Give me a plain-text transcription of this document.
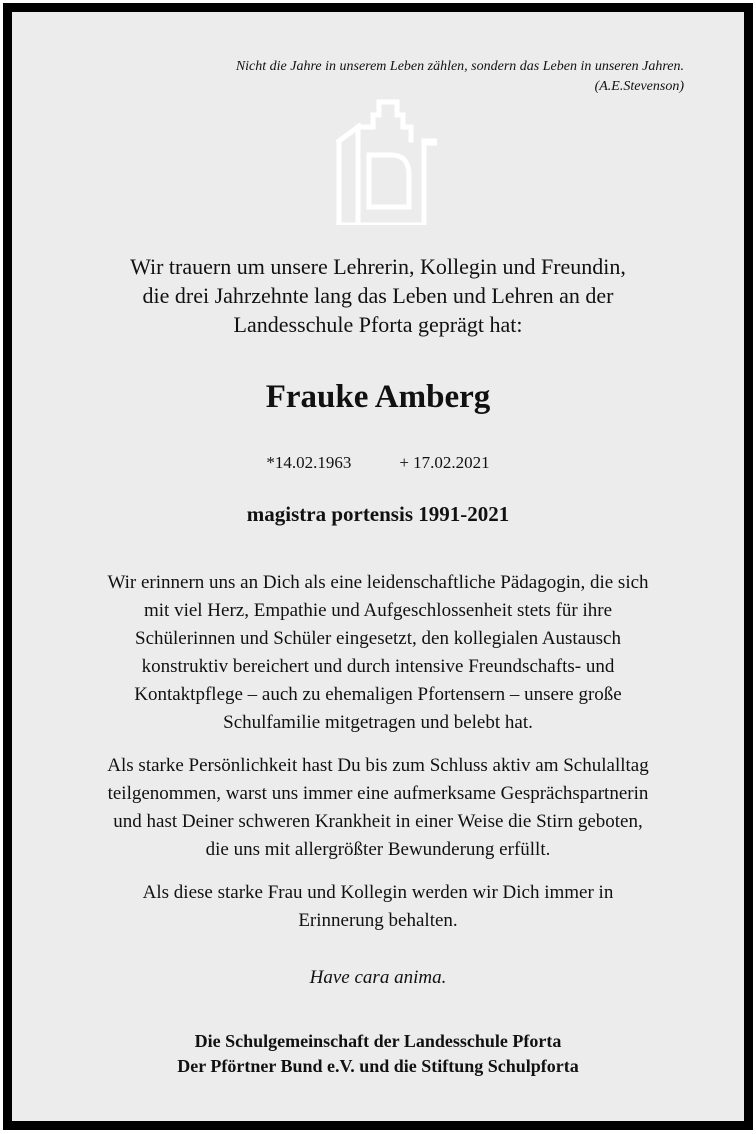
Nicht die Jahre in unserem Leben zählen, sondern das Leben in unseren Jahren.
(A.E.Stevenson)
Wir trauern um unsere Lehrerin, Kollegin und Freundin,
die drei Jahrzehnte lang das Leben und Lehren an der
Landesschule Pforta geprägt hat:
Frauke Amberg
*14.02.1963	+ 17.02.2021
magistra portensis 1991-2021
Wir erinnern uns an Dich als eine leidenschaftliche Pädagogin, die sich
mit viel Herz, Empathie und Aufgeschlossenheit stets für ihre
Schülerinnen und Schüler eingesetzt, den kollegialen Austausch
konstruktiv bereichert und durch intensive Freundschafts- und
Kontaktpflege – auch zu ehemaligen Pfortensern – unsere große
Schulfamilie mitgetragen und belebt hat.
Als starke Persönlichkeit hast Du bis zum Schluss aktiv am Schulalltag
teilgenommen, warst uns immer eine aufmerksame Gesprächspartnerin
und hast Deiner schweren Krankheit in einer Weise die Stirn geboten,
die uns mit allergrößter Bewunderung erfüllt.
Als diese starke Frau und Kollegin werden wir Dich immer in
Erinnerung behalten.
Have cara anima.
Die Schulgemeinschaft der Landesschule Pforta
Der Pförtner Bund e.V. und die Stiftung Schulpforta
